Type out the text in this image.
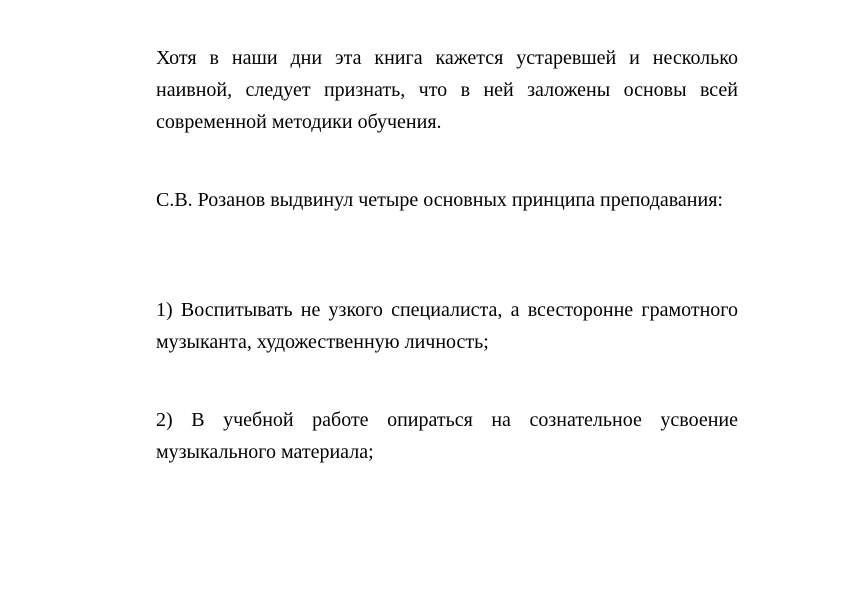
Хотя в наши дни эта книга кажется устаревшей и несколько наивной, следует признать, что в ней заложены основы всей современной методики обучения.

С.В. Розанов выдвинул четыре основных принципа преподавания:

1) Воспитывать не узкого специалиста, а всесторонне грамотного музыканта, художественную личность;

2) В учебной работе опираться на сознательное усвоение музыкального материала;
